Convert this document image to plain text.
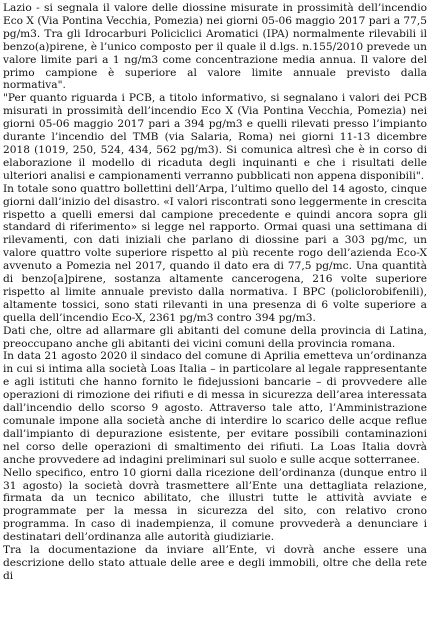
Lazio - si segnala il valore delle diossine misurate in prossimità dell’incendio Eco X (Via Pontina Vecchia, Pomezia) nei giorni 05-06 maggio 2017 pari a 77,5 pg/m3. Tra gli Idrocarburi Policiclici Aromatici (IPA) normalmente rilevabili il benzo(a)pirene, è l’unico composto per il quale il d.lgs. n.155/2010 prevede un valore limite pari a 1 ng/m3 come concentrazione media annua. Il valore del primo campione è superiore al valore limite annuale previsto dalla normativa".

"Per quanto riguarda i PCB, a titolo informativo, si segnalano i valori dei PCB misurati in prossimità dell’incendio Eco X (Via Pontina Vecchia, Pomezia) nei giorni 05-06 maggio 2017 pari a 394 pg/m3 e quelli rilevati presso l’impianto durante l’incendio del TMB (via Salaria, Roma) nei giorni 11-13 dicembre 2018 (1019, 250, 524, 434, 562 pg/m3). Si comunica altresì che è in corso di elaborazione il modello di ricaduta degli inquinanti e che i risultati delle ulteriori analisi e campionamenti verranno pubblicati non appena disponibili".

In totale sono quattro bollettini dell’Arpa, l’ultimo quello del 14 agosto, cinque giorni dall’inizio del disastro. «I valori riscontrati sono leggermente in crescita rispetto a quelli emersi dal campione precedente e quindi ancora sopra gli standard di riferimento» si legge nel rapporto. Ormai quasi una settimana di rilevamenti, con dati iniziali che parlano di diossine pari a 303 pg/mc, un valore quattro volte superiore rispetto al più recente rogo dell’azienda Eco-X avvenuto a Pomezia nel 2017, quando il dato era di 77,5 pg/mc. Una quantità di benzo[a]pirene, sostanza altamente cancerogena, 216 volte superiore rispetto al limite annuale previsto dalla normativa. I BPC (policlorobifenili), altamente tossici, sono stati rilevanti in una presenza di 6 volte superiore a quella dell’incendio Eco-X, 2361 pg/m3 contro 394 pg/m3.

Dati che, oltre ad allarmare gli abitanti del comune della provincia di Latina, preoccupano anche gli abitanti dei vicini comuni della provincia romana.

In data 21 agosto 2020 il sindaco del comune di Aprilia emetteva un’ordinanza in cui si intima alla società Loas Italia – in particolare al legale rappresentante e agli istituti che hanno fornito le fidejussioni bancarie – di provvedere alle operazioni di rimozione dei rifiuti e di messa in sicurezza dell’area interessata dall’incendio dello scorso 9 agosto. Attraverso tale atto, l’Amministrazione comunale impone alla società anche di interdire lo scarico delle acque reflue dall’impianto di depurazione esistente, per evitare possibili contaminazioni nel corso delle operazioni di smaltimento dei rifiuti. La Loas Italia dovrà anche provvedere ad indagini preliminari sul suolo e sulle acque sotterranee.

Nello specifico, entro 10 giorni dalla ricezione dell’ordinanza (dunque entro il 31 agosto) la società dovrà trasmettere all’Ente una dettagliata relazione, firmata da un tecnico abilitato, che illustri tutte le attività avviate e programmate per la messa in sicurezza del sito, con relativo crono programma. In caso di inadempienza, il comune provvederà a denunciare i destinatari dell’ordinanza alle autorità giudiziarie.

Tra la documentazione da inviare all’Ente, vi dovrà anche essere una descrizione dello stato attuale delle aree e degli immobili, oltre che della rete di
